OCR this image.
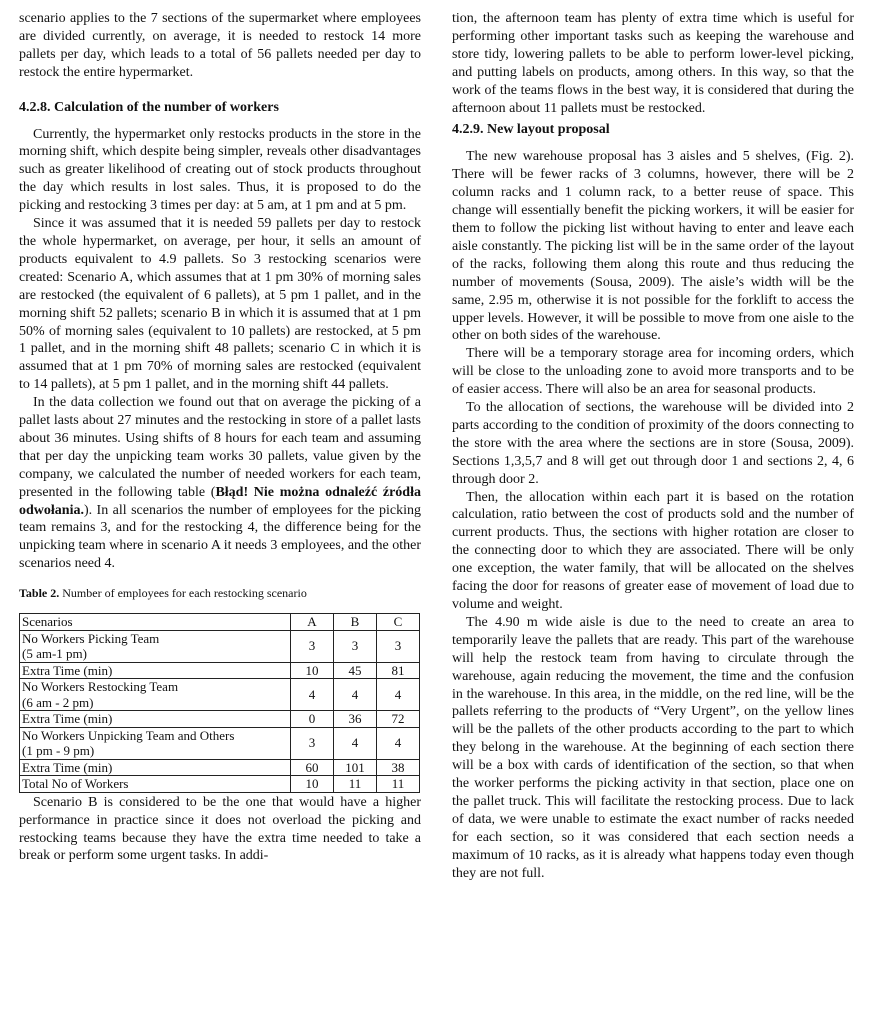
scenario applies to the 7 sections of the supermarket where employees are divided currently, on average, it is needed to restock 14 more pallets per day, which leads to a total of 56 pallets needed per day to restock the entire hypermarket.

4.2.8. Calculation of the number of workers

Currently, the hypermarket only restocks products in the store in the morning shift, which despite being simpler, reveals other disadvantages such as greater likelihood of creating out of stock products throughout the day which results in lost sales. Thus, it is proposed to do the picking and restocking 3 times per day: at 5 am, at 1 pm and at 5 pm.

Since it was assumed that it is needed 59 pallets per day to restock the whole hypermarket, on average, per hour, it sells an amount of products equivalent to 4.9 pallets. So 3 restocking scenarios were created: Scenario A, which assumes that at 1 pm 30% of morning sales are restocked (the equivalent of 6 pallets), at 5 pm 1 pallet, and in the morning shift 52 pallets; scenario B in which it is assumed that at 1 pm 50% of morning sales (equivalent to 10 pallets) are restocked, at 5 pm 1 pallet, and in the morning shift 48 pallets; scenario C in which it is assumed that at 1 pm 70% of morning sales are restocked (equivalent to 14 pallets), at 5 pm 1 pallet, and in the morning shift 44 pallets.

In the data collection we found out that on average the picking of a pallet lasts about 27 minutes and the restocking in store of a pallet lasts about 36 minutes. Using shifts of 8 hours for each team and assuming that per day the unpicking team works 30 pallets, value given by the company, we calculated the number of needed workers for each team, presented in the following table (Błąd! Nie można odnaleźć źródła odwołania.). In all scenarios the number of employees for the picking team remains 3, and for the restocking 4, the difference being for the unpicking team where in scenario A it needs 3 employees, and the other scenarios need 4.

Table 2. Number of employees for each restocking scenario

Scenarios	A	B	C
No Workers Picking Team
(5 am-1 pm)	3	3	3
Extra Time (min)	10	45	81
No Workers Restocking Team
(6 am - 2 pm)	4	4	4
Extra Time (min)	0	36	72
No Workers Unpicking Team and Others
(1 pm - 9 pm)	3	4	4
Extra Time (min)	60	101	38
Total No of Workers	10	11	11

Scenario B is considered to be the one that would have a higher performance in practice since it does not overload the picking and restocking teams because they have the extra time needed to take a break or perform some urgent tasks. In addi-

tion, the afternoon team has plenty of extra time which is useful for performing other important tasks such as keeping the warehouse and store tidy, lowering pallets to be able to perform lower-level picking, and putting labels on products, among others. In this way, so that the work of the teams flows in the best way, it is considered that during the afternoon about 11 pallets must be restocked.

4.2.9. New layout proposal

The new warehouse proposal has 3 aisles and 5 shelves, (Fig. 2). There will be fewer racks of 3 columns, however, there will be 2 column racks and 1 column rack, to a better reuse of space. This change will essentially benefit the picking workers, it will be easier for them to follow the picking list without having to enter and leave each aisle constantly. The picking list will be in the same order of the layout of the racks, following them along this route and thus reducing the number of movements (Sousa, 2009). The aisle’s width will be the same, 2.95 m, otherwise it is not possible for the forklift to access the upper levels. However, it will be possible to move from one aisle to the other on both sides of the warehouse.

There will be a temporary storage area for incoming orders, which will be close to the unloading zone to avoid more transports and to be of easier access. There will also be an area for seasonal products.

To the allocation of sections, the warehouse will be divided into 2 parts according to the condition of proximity of the doors connecting to the store with the area where the sections are in store (Sousa, 2009). Sections 1,3,5,7 and 8 will get out through door 1 and sections 2, 4, 6 through door 2.

Then, the allocation within each part it is based on the rotation calculation, ratio between the cost of products sold and the number of current products. Thus, the sections with higher rotation are closer to the connecting door to which they are associated. There will be only one exception, the water family, that will be allocated on the shelves facing the door for reasons of greater ease of movement of load due to volume and weight.

The 4.90 m wide aisle is due to the need to create an area to temporarily leave the pallets that are ready. This part of the warehouse will help the restock team from having to circulate through the warehouse, again reducing the movement, the time and the confusion in the warehouse. In this area, in the middle, on the red line, will be the pallets referring to the products of “Very Urgent”, on the yellow lines will be the pallets of the other products according to the part to which they belong in the warehouse. At the beginning of each section there will be a box with cards of identification of the section, so that when the worker performs the picking activity in that section, place one on the pallet truck. This will facilitate the restocking process. Due to lack of data, we were unable to estimate the exact number of racks needed for each section, so it was considered that each section needs a maximum of 10 racks, as it is already what happens today even though they are not full.
